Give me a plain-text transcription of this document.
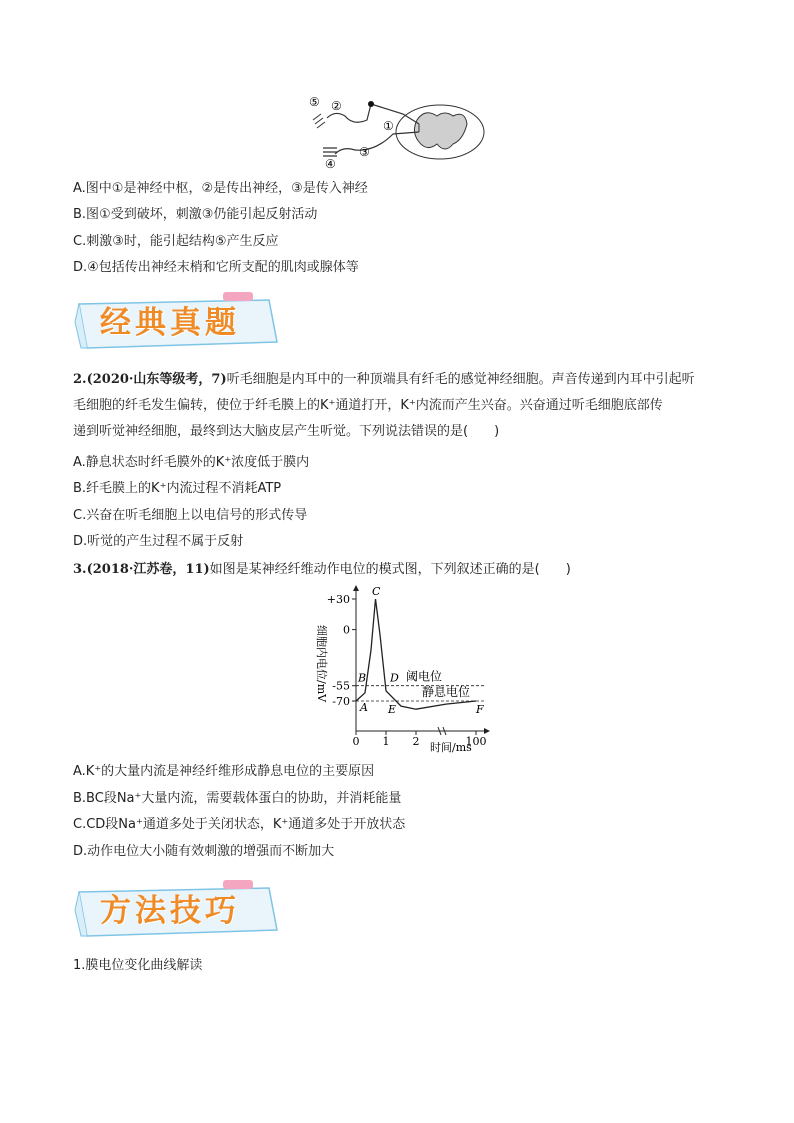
⑤ ②
①
③
④
A.图中①是神经中枢，②是传出神经，③是传入神经
B.图①受到破坏，刺激③仍能引起反射活动
C.刺激③时，能引起结构⑤产生反应
D.④包括传出神经末梢和它所支配的肌肉或腺体等
经典真题
2.(2020·山东等级考，7)听毛细胞是内耳中的一种顶端具有纤毛的感觉神经细胞。声音传递到内耳中引起听
毛细胞的纤毛发生偏转，使位于纤毛膜上的K⁺通道打开，K⁺内流而产生兴奋。兴奋通过听毛细胞底部传
递到听觉神经细胞，最终到达大脑皮层产生听觉。下列说法错误的是(　　)
A.静息状态时纤毛膜外的K⁺浓度低于膜内
B.纤毛膜上的K⁺内流过程不消耗ATP
C.兴奋在听毛细胞上以电信号的形式传导
D.听觉的产生过程不属于反射
3.(2018·江苏卷，11)如图是某神经纤维动作电位的模式图，下列叙述正确的是(　　)
细胞内电位/mV
+30
0
-55
-70
0 1 2	100
阈电位
静息电位
A
B
C
D
E	F
时间/ms
A.K⁺的大量内流是神经纤维形成静息电位的主要原因
B.BC段Na⁺大量内流，需要载体蛋白的协助，并消耗能量
C.CD段Na⁺通道多处于关闭状态，K⁺通道多处于开放状态
D.动作电位大小随有效刺激的增强而不断加大
方法技巧
1.膜电位变化曲线解读
